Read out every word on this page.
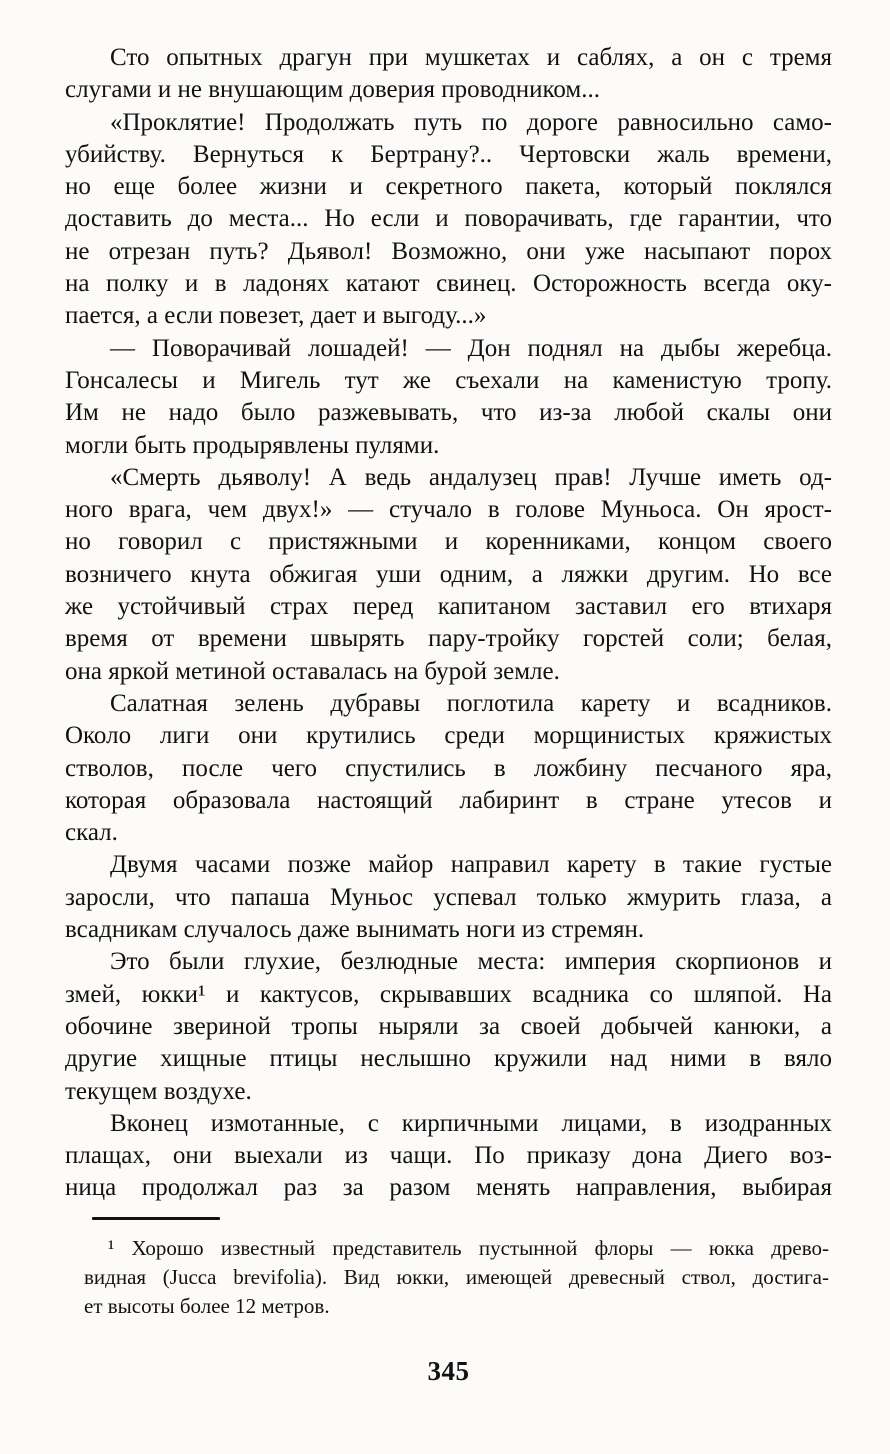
Сто опытных драгун при мушкетах и саблях, а он с тремя
слугами и не внушающим доверия проводником...
«Проклятие! Продолжать путь по дороге равносильно само-
убийству. Вернуться к Бертрану?.. Чертовски жаль времени,
но еще более жизни и секретного пакета, который поклялся
доставить до места... Но если и поворачивать, где гарантии, что
не отрезан путь? Дьявол! Возможно, они уже насыпают порох
на полку и в ладонях катают свинец. Осторожность всегда оку-
пается, а если повезет, дает и выгоду...»
— Поворачивай лошадей! — Дон поднял на дыбы жеребца.
Гонсалесы и Мигель тут же съехали на каменистую тропу.
Им не надо было разжевывать, что из-за любой скалы они
могли быть продырявлены пулями.
«Смерть дьяволу! А ведь андалузец прав! Лучше иметь од-
ного врага, чем двух!» — стучало в голове Муньоса. Он ярост-
но говорил с пристяжными и коренниками, концом своего
возничего кнута обжигая уши одним, а ляжки другим. Но все
же устойчивый страх перед капитаном заставил его втихаря
время от времени швырять пару-тройку горстей соли; белая,
она яркой метиной оставалась на бурой земле.
Салатная зелень дубравы поглотила карету и всадников.
Около лиги они крутились среди морщинистых кряжистых
стволов, после чего спустились в ложбину песчаного яра,
которая образовала настоящий лабиринт в стране утесов и
скал.
Двумя часами позже майор направил карету в такие густые
заросли, что папаша Муньос успевал только жмурить глаза, а
всадникам случалось даже вынимать ноги из стремян.
Это были глухие, безлюдные места: империя скорпионов и
змей, юкки¹ и кактусов, скрывавших всадника со шляпой. На
обочине звериной тропы ныряли за своей добычей канюки, а
другие хищные птицы неслышно кружили над ними в вяло
текущем воздухе.
Вконец измотанные, с кирпичными лицами, в изодранных
плащах, они выехали из чащи. По приказу дона Диего воз-
ница продолжал раз за разом менять направления, выбирая
¹ Хорошо известный представитель пустынной флоры — юкка древо-
видная (Jucca brevifolia). Вид юкки, имеющей древесный ствол, достига-
ет высоты более 12 метров.
345
